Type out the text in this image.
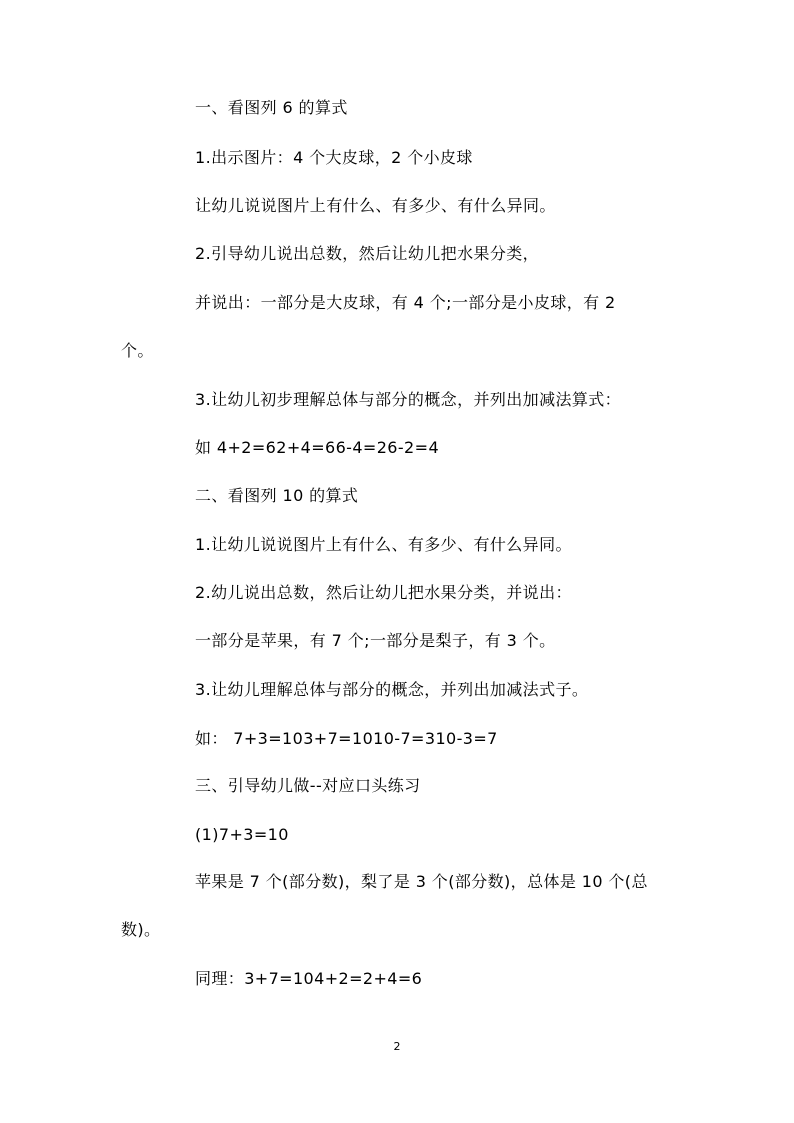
一、看图列 6 的算式

1.出示图片：4 个大皮球，2 个小皮球

让幼儿说说图片上有什么、有多少、有什么异同。

2.引导幼儿说出总数，然后让幼儿把水果分类，

并说出：一部分是大皮球，有 4 个;一部分是小皮球，有 2

个。

3.让幼儿初步理解总体与部分的概念，并列出加减法算式：

如 4+2=62+4=66-4=26-2=4

二、看图列 10 的算式

1.让幼儿说说图片上有什么、有多少、有什么异同。

2.幼儿说出总数，然后让幼儿把水果分类，并说出：

一部分是苹果，有 7 个;一部分是梨子，有 3 个。

3.让幼儿理解总体与部分的概念，并列出加减法式子。

如： 7+3=103+7=1010-7=310-3=7

三、引导幼儿做--对应口头练习

(1)7+3=10

苹果是 7 个(部分数)，梨了是 3 个(部分数)，总体是 10 个(总

数)。

同理：3+7=104+2=2+4=6

2
